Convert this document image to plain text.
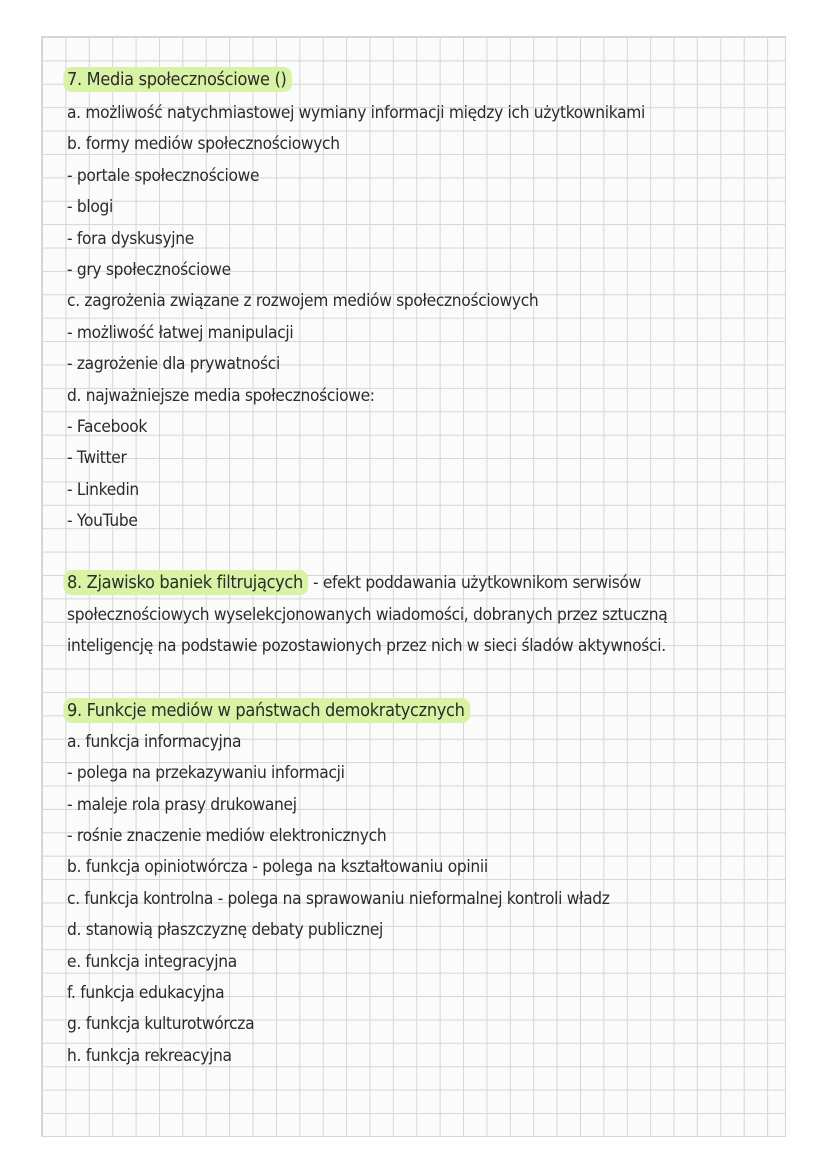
7. Media społecznościowe ()
a. możliwość natychmiastowej wymiany informacji między ich użytkownikami
b. formy mediów społecznościowych
- portale społecznościowe
- blogi
- fora dyskusyjne
- gry społecznościowe
c. zagrożenia związane z rozwojem mediów społecznościowych
- możliwość łatwej manipulacji
- zagrożenie dla prywatności
d. najważniejsze media społecznościowe:
- Facebook
- Twitter
- Linkedin
- YouTube
8. Zjawisko baniek filtrujących - efekt poddawania użytkownikom serwisów
społecznościowych wyselekcjonowanych wiadomości, dobranych przez sztuczną
inteligencję na podstawie pozostawionych przez nich w sieci śladów aktywności.
9. Funkcje mediów w państwach demokratycznych
a. funkcja informacyjna
- polega na przekazywaniu informacji
- maleje rola prasy drukowanej
- rośnie znaczenie mediów elektronicznych
b. funkcja opiniotwórcza - polega na kształtowaniu opinii
c. funkcja kontrolna - polega na sprawowaniu nieformalnej kontroli władz
d. stanowią płaszczyznę debaty publicznej
e. funkcja integracyjna
f. funkcja edukacyjna
g. funkcja kulturotwórcza
h. funkcja rekreacyjna
